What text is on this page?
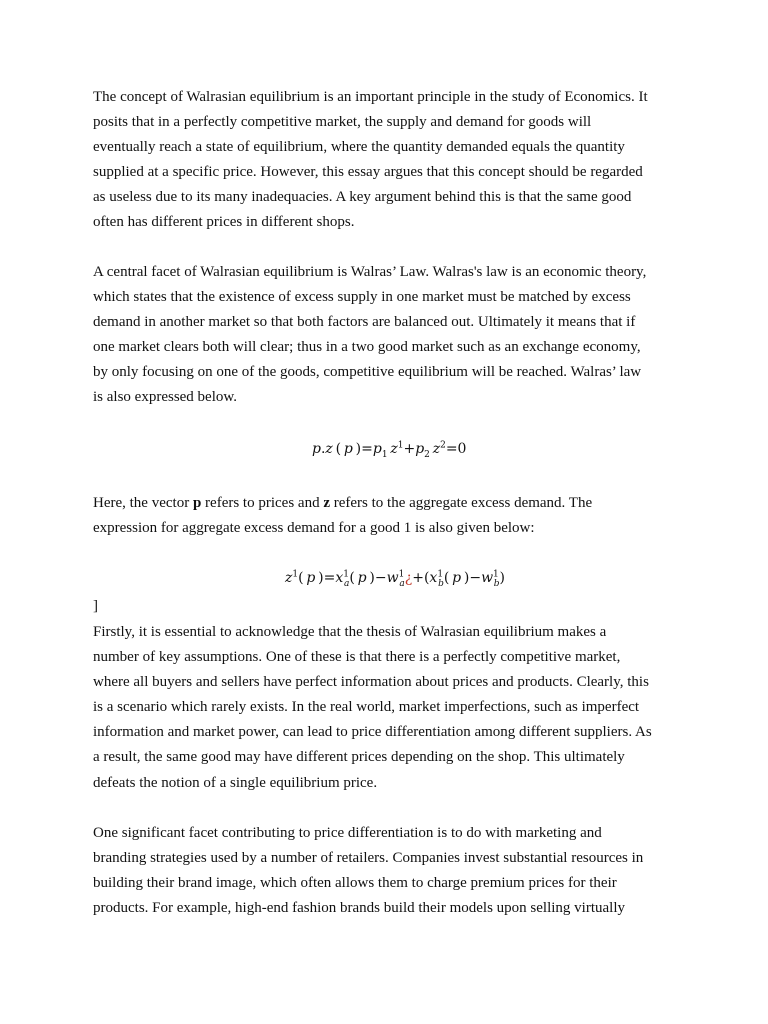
The concept of Walrasian equilibrium is an important principle in the study of Economics. It
posits that in a perfectly competitive market, the supply and demand for goods will
eventually reach a state of equilibrium, where the quantity demanded equals the quantity
supplied at a specific price. However, this essay argues that this concept should be regarded
as useless due to its many inadequacies. A key argument behind this is that the same good
often has different prices in different shops.

A central facet of Walrasian equilibrium is Walras’ Law. Walras's law is an economic theory,
which states that the existence of excess supply in one market must be matched by excess
demand in another market so that both factors are balanced out. Ultimately it means that if
one market clears both will clear; thus in a two good market such as an exchange economy,
by only focusing on one of the goods, competitive equilibrium will be reached. Walras’ law
is also expressed below.

p.z  (  p  )$=p_1$  $z^1+p_2$  $z^2=0$

Here, the vector p refers to prices and z refers to the aggregate excess demand. The
expression for aggregate excess demand for a good 1 is also given below:

$z^1$(  p  )$=x^1_a$(  p  )$-w^1_a¿+(x^1_b$(  p  )$-w^1_b$)
]

Firstly, it is essential to acknowledge that the thesis of Walrasian equilibrium makes a
number of key assumptions. One of these is that there is a perfectly competitive market,
where all buyers and sellers have perfect information about prices and products. Clearly, this
is a scenario which rarely exists. In the real world, market imperfections, such as imperfect
information and market power, can lead to price differentiation among different suppliers. As
a result, the same good may have different prices depending on the shop. This ultimately
defeats the notion of a single equilibrium price.

One significant facet contributing to price differentiation is to do with marketing and
branding strategies used by a number of retailers. Companies invest substantial resources in
building their brand image, which often allows them to charge premium prices for their
products. For example, high-end fashion brands build their models upon selling virtually
